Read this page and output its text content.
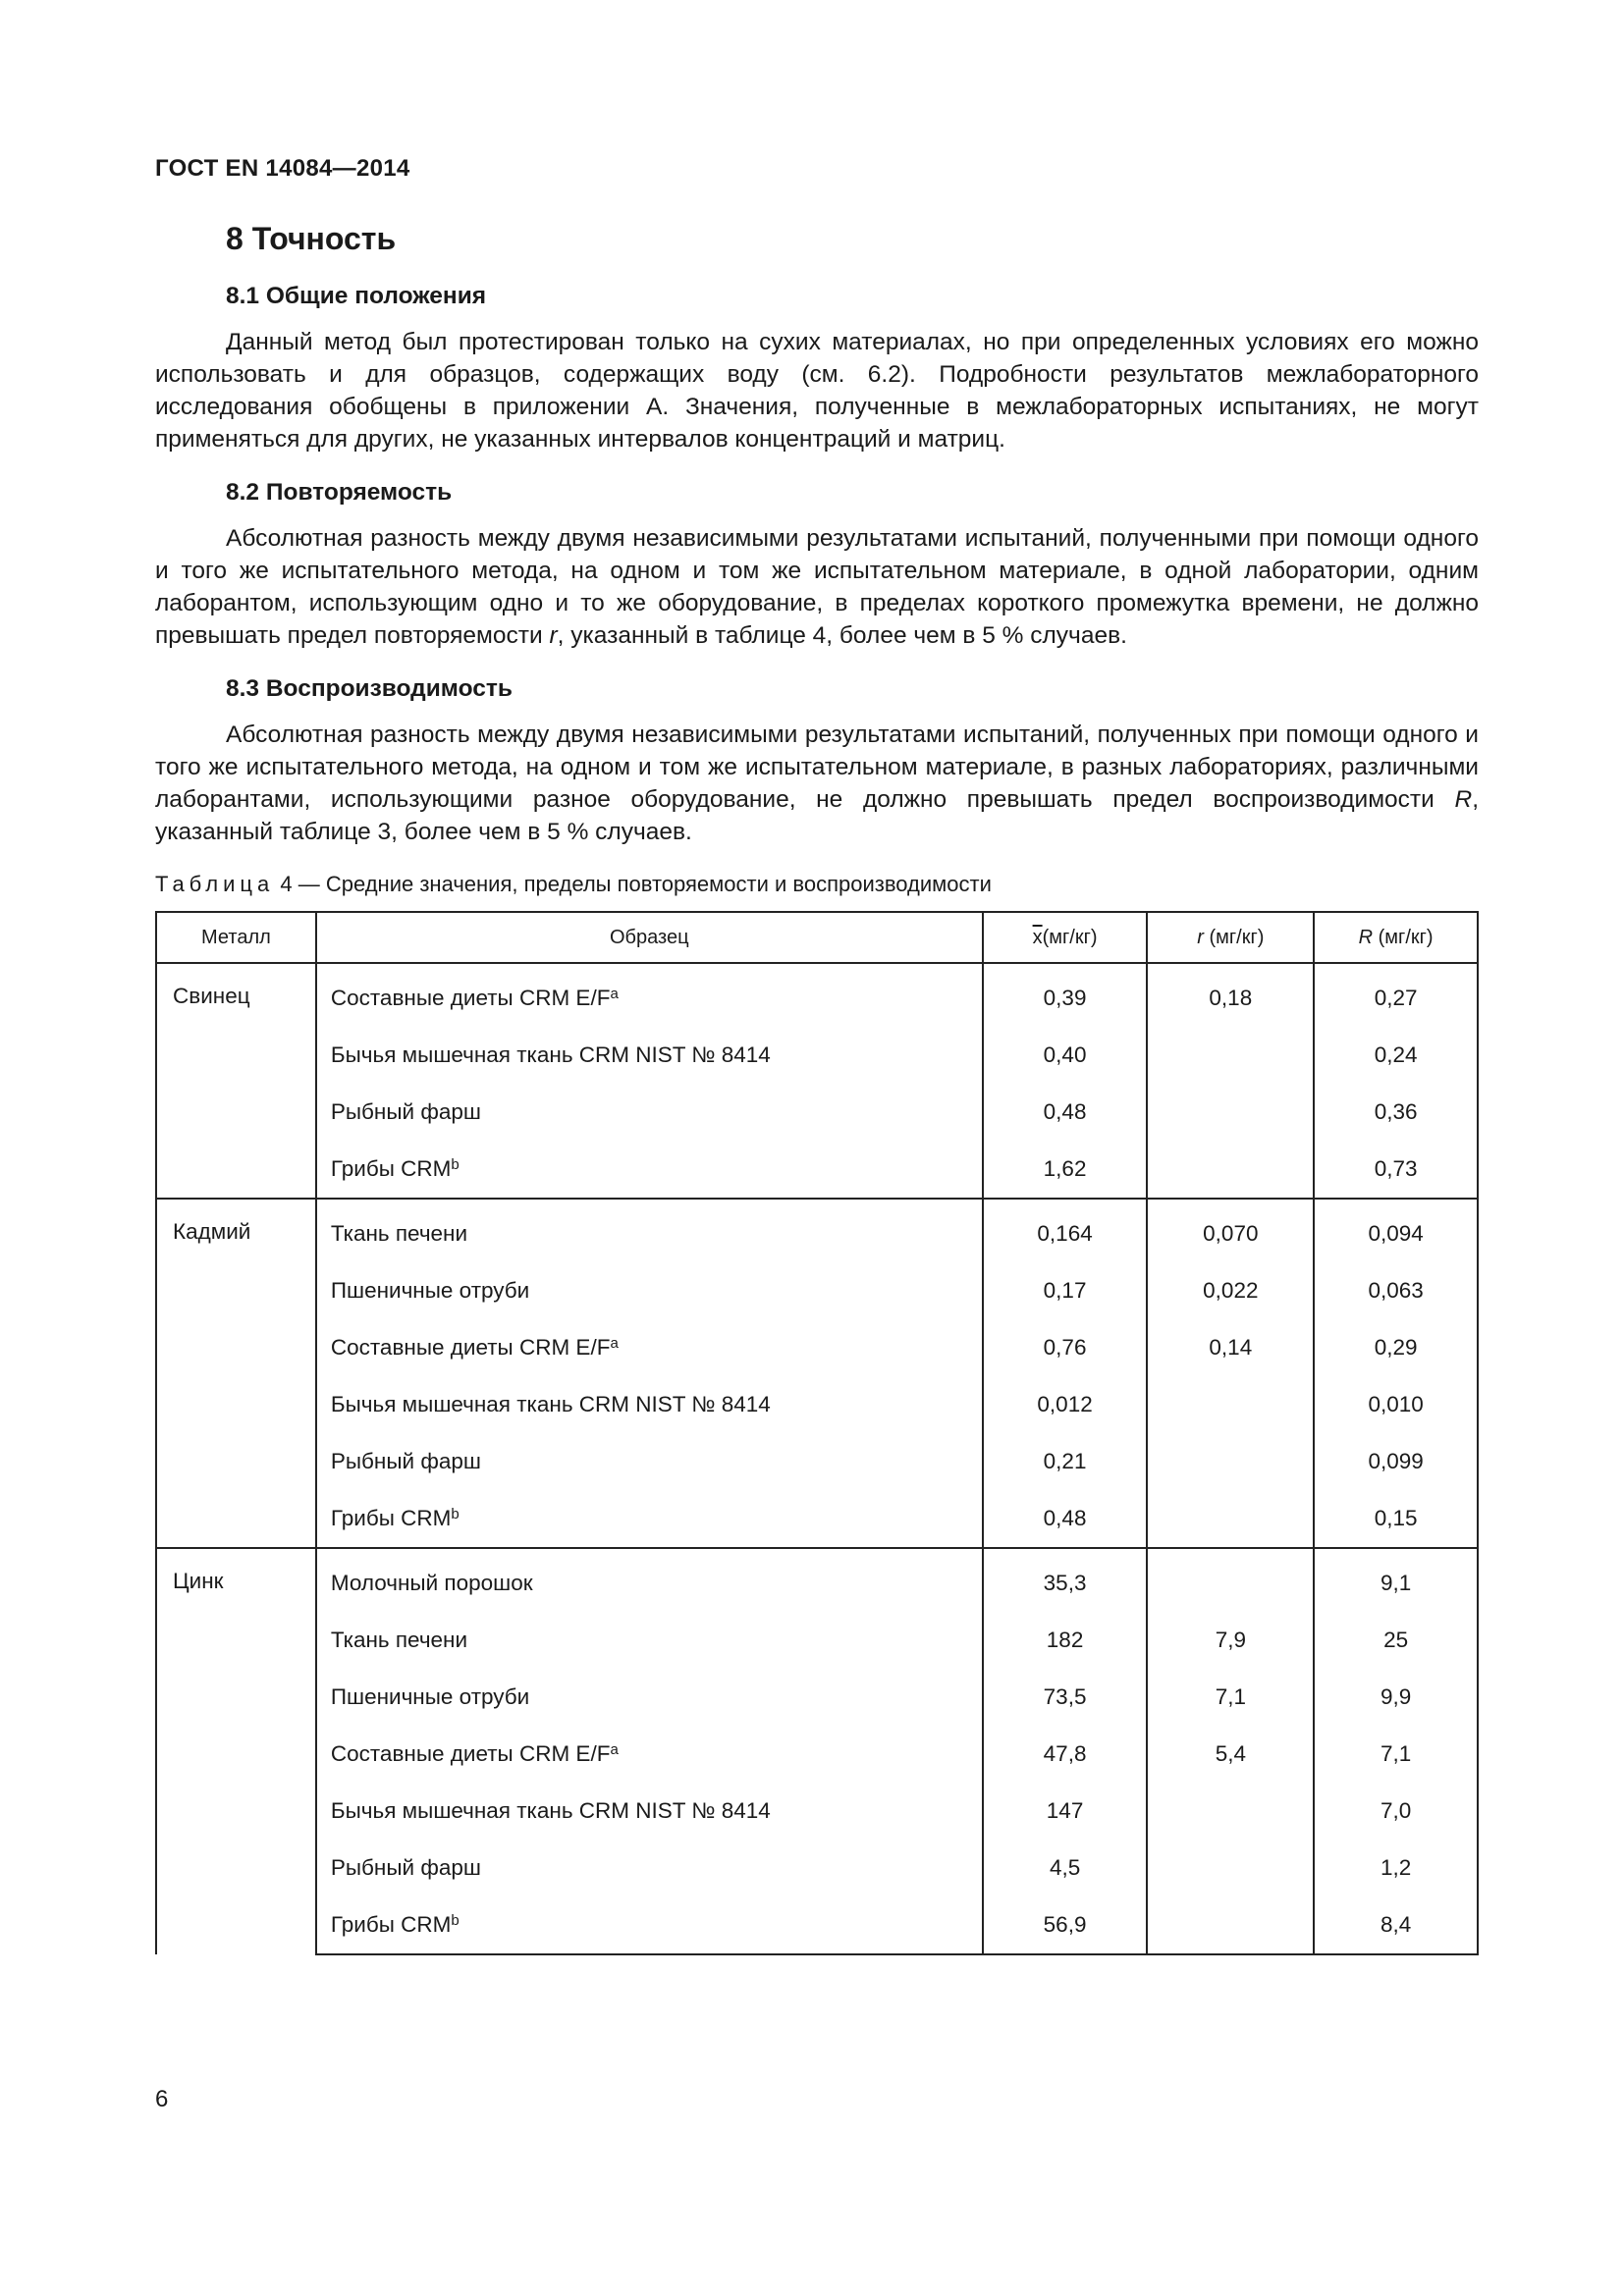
ГОСТ EN 14084—2014
8 Точность
8.1 Общие положения

Данный метод был протестирован только на сухих материалах, но при определенных условиях его можно использовать и для образцов, содержащих воду (см. 6.2). Подробности результатов межлабораторного исследования обобщены в приложении А. Значения, полученные в межлабораторных испытаниях, не могут применяться для других, не указанных интервалов концентраций и матриц.

8.2 Повторяемость

Абсолютная разность между двумя независимыми результатами испытаний, полученными при помощи одного и того же испытательного метода, на одном и том же испытательном материале, в одной лаборатории, одним лаборантом, использующим одно и то же оборудование, в пределах короткого промежутка времени, не должно превышать предел повторяемости r, указанный в таблице 4, более чем в 5 % случаев.

8.3 Воспроизводимость

Абсолютная разность между двумя независимыми результатами испытаний, полученных при помощи одного и того же испытательного метода, на одном и том же испытательном материале, в разных лабораториях, различными лаборантами, использующими разное оборудование, не должно превышать предел воспроизводимости R, указанный таблице 3, более чем в 5 % случаев.

Таблица 4 — Средние значения, пределы повторяемости и воспроизводимости
Металл	Образец	$\overline{x}(мг/кг)$	r (мг/кг)	R (мг/кг)
Свинец	Составные диеты CRM $E/F^a$	0,39	0,18	0,27
	Бычья мышечная ткань CRM NIST № 8414	0,40		0,24
	Рыбный фарш	0,48		0,36
	Грибы CRM$^b$	1,62		0,73
Кадмий	Ткань печени	0,164	0,070	0,094
	Пшеничные отруби	0,17	0,022	0,063
	Составные диеты CRM $E/F^a$	0,76	0,14	0,29
	Бычья мышечная ткань CRM NIST № 8414	0,012		0,010
	Рыбный фарш	0,21		0,099
	Грибы CRM$^b$	0,48		0,15
Цинк	Молочный порошок	35,3		9,1
	Ткань печени	182	7,9	25
	Пшеничные отруби	73,5	7,1	9,9
	Составные диеты CRM $E/F^a$	47,8	5,4	7,1
	Бычья мышечная ткань CRM NIST № 8414	147		7,0
	Рыбный фарш	4,5		1,2
	Грибы CRM$^b$	56,9		8,4
6
